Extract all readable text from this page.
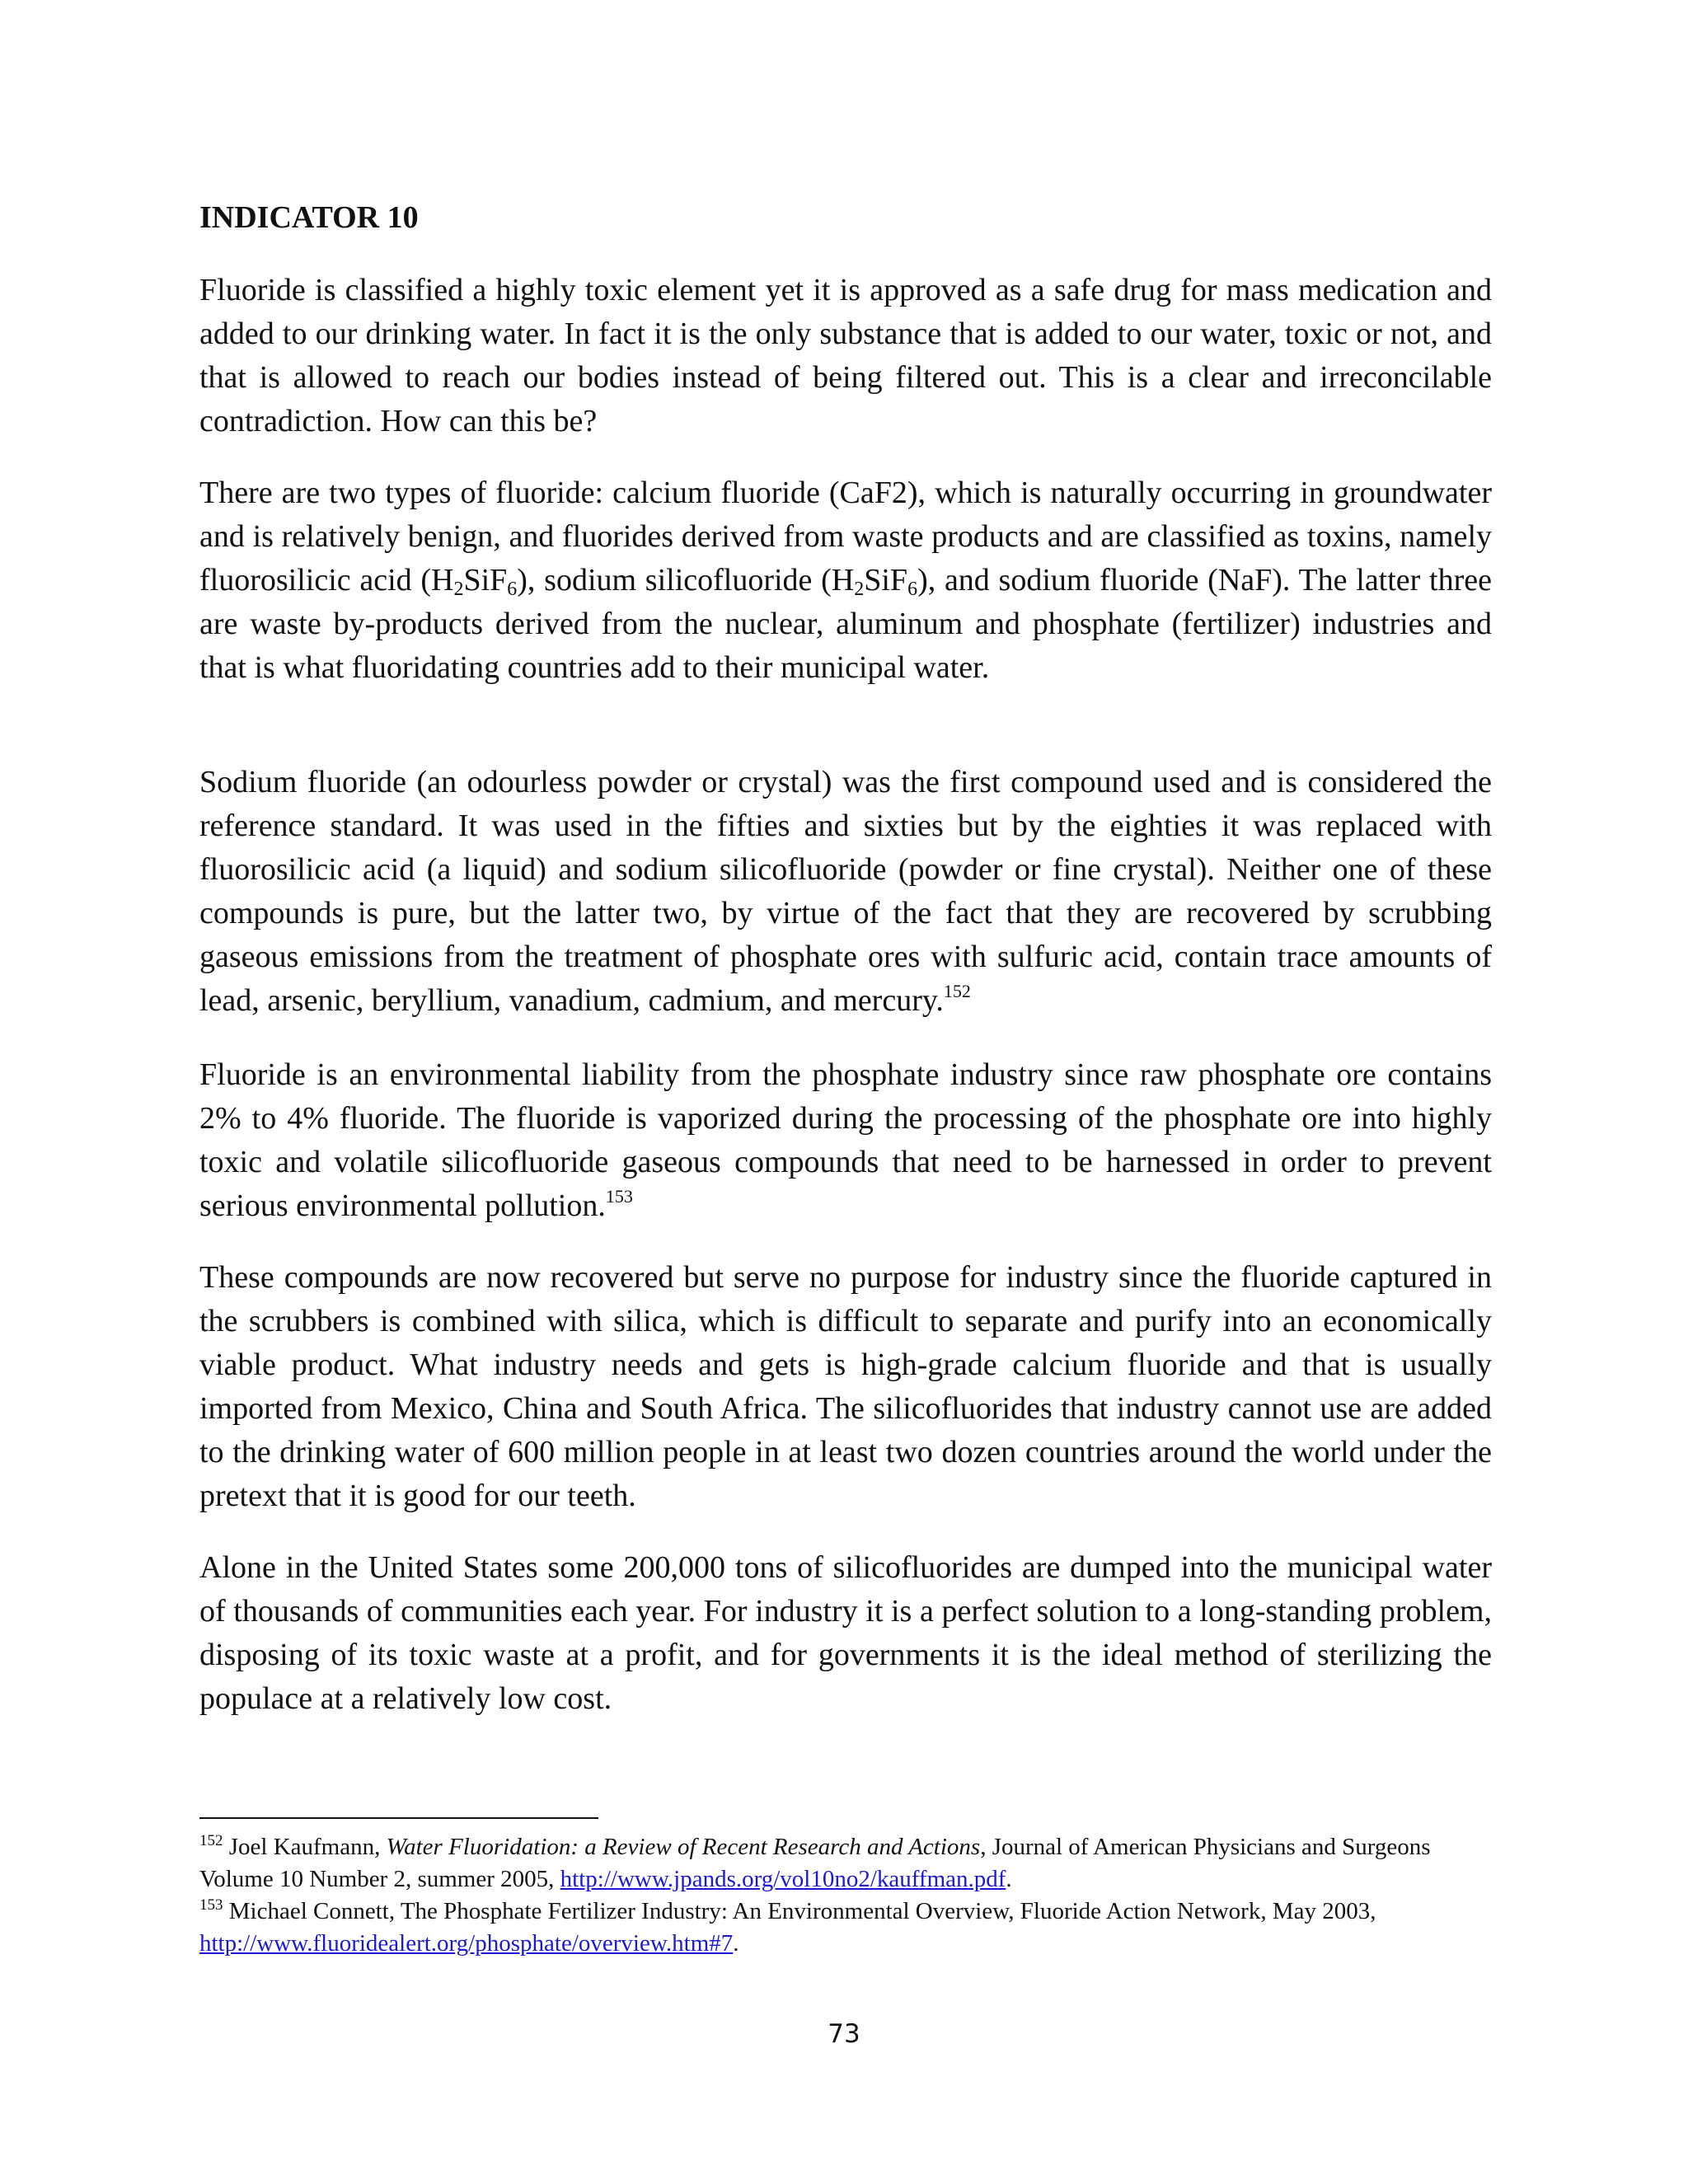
INDICATOR 10

Fluoride is classified a highly toxic element yet it is approved as a safe drug for mass medication and added to our drinking water. In fact it is the only substance that is added to our water, toxic or not, and that is allowed to reach our bodies instead of being filtered out. This is a clear and irreconcilable contradiction. How can this be?

There are two types of fluoride: calcium fluoride (CaF2), which is naturally occurring in groundwater and is relatively benign, and fluorides derived from waste products and are classified as toxins, namely fluorosilicic acid $(H_2SiF_6)$, sodium silicofluoride $(H_2SiF_6)$, and sodium fluoride (NaF). The latter three are waste by-products derived from the nuclear, aluminum and phosphate (fertilizer) industries and that is what fluoridating countries add to their municipal water.

Sodium fluoride (an odourless powder or crystal) was the first compound used and is considered the reference standard. It was used in the fifties and sixties but by the eighties it was replaced with fluorosilicic acid (a liquid) and sodium silicofluoride (powder or fine crystal). Neither one of these compounds is pure, but the latter two, by virtue of the fact that they are recovered by scrubbing gaseous emissions from the treatment of phosphate ores with sulfuric acid, contain trace amounts of lead, arsenic, beryllium, vanadium, cadmium, and mercury.$^{152}$

Fluoride is an environmental liability from the phosphate industry since raw phosphate ore contains 2% to 4% fluoride. The fluoride is vaporized during the processing of the phosphate ore into highly toxic and volatile silicofluoride gaseous compounds that need to be harnessed in order to prevent serious environmental pollution.$^{153}$

These compounds are now recovered but serve no purpose for industry since the fluoride captured in the scrubbers is combined with silica, which is difficult to separate and purify into an economically viable product. What industry needs and gets is high-grade calcium fluoride and that is usually imported from Mexico, China and South Africa. The silicofluorides that industry cannot use are added to the drinking water of 600 million people in at least two dozen countries around the world under the pretext that it is good for our teeth.

Alone in the United States some 200,000 tons of silicofluorides are dumped into the municipal water of thousands of communities each year. For industry it is a perfect solution to a long-standing problem, disposing of its toxic waste at a profit, and for governments it is the ideal method of sterilizing the populace at a relatively low cost.

$^{152}$ Joel Kaufmann, Water Fluoridation: a Review of Recent Research and Actions, Journal of American Physicians and Surgeons Volume 10 Number 2, summer 2005, http://www.jpands.org/vol10no2/kauffman.pdf.

$^{153}$ Michael Connett, The Phosphate Fertilizer Industry: An Environmental Overview, Fluoride Action Network, May 2003, http://www.fluoridealert.org/phosphate/overview.htm#7.

73
